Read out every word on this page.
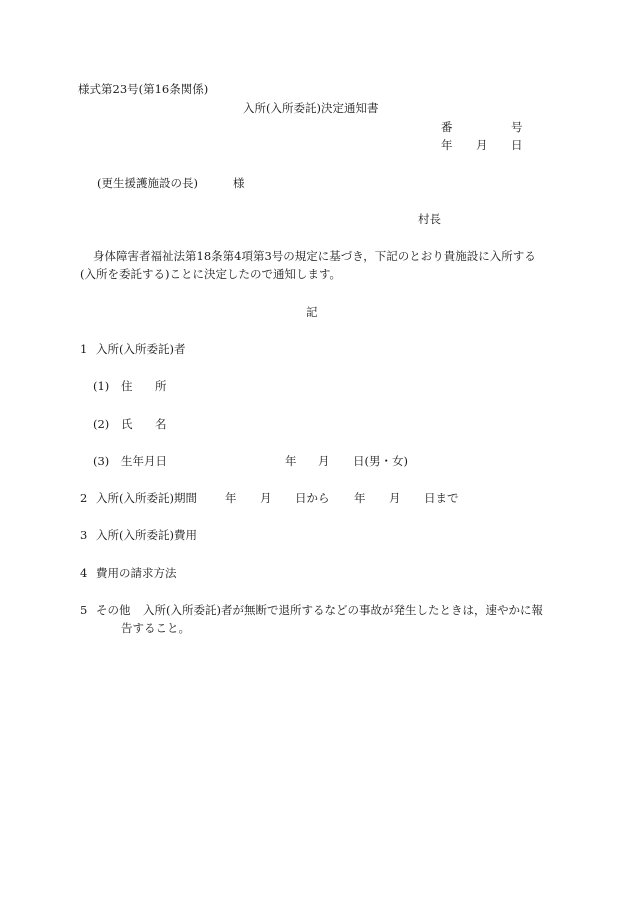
様式第23号(第16条関係)
入所(入所委託)決定通知書
番	号
年 月 日
(更生援護施設の長)	様
村長
身体障害者福祉法第18条第4項第3号の規定に基づき，下記のとおり貴施設に入所する
(入所を委託する)ことに決定したので通知します。
記
1 入所(入所委託)者
(1) 住 所
(2) 氏 名
(3) 生年月日	年 月 日(男・女)
2 入所(入所委託)期間 年 月 日から 年 月 日まで
3 入所(入所委託)費用
4 費用の請求方法
5 その他 入所(入所委託)者が無断で退所するなどの事故が発生したときは，速やかに報
告すること。
